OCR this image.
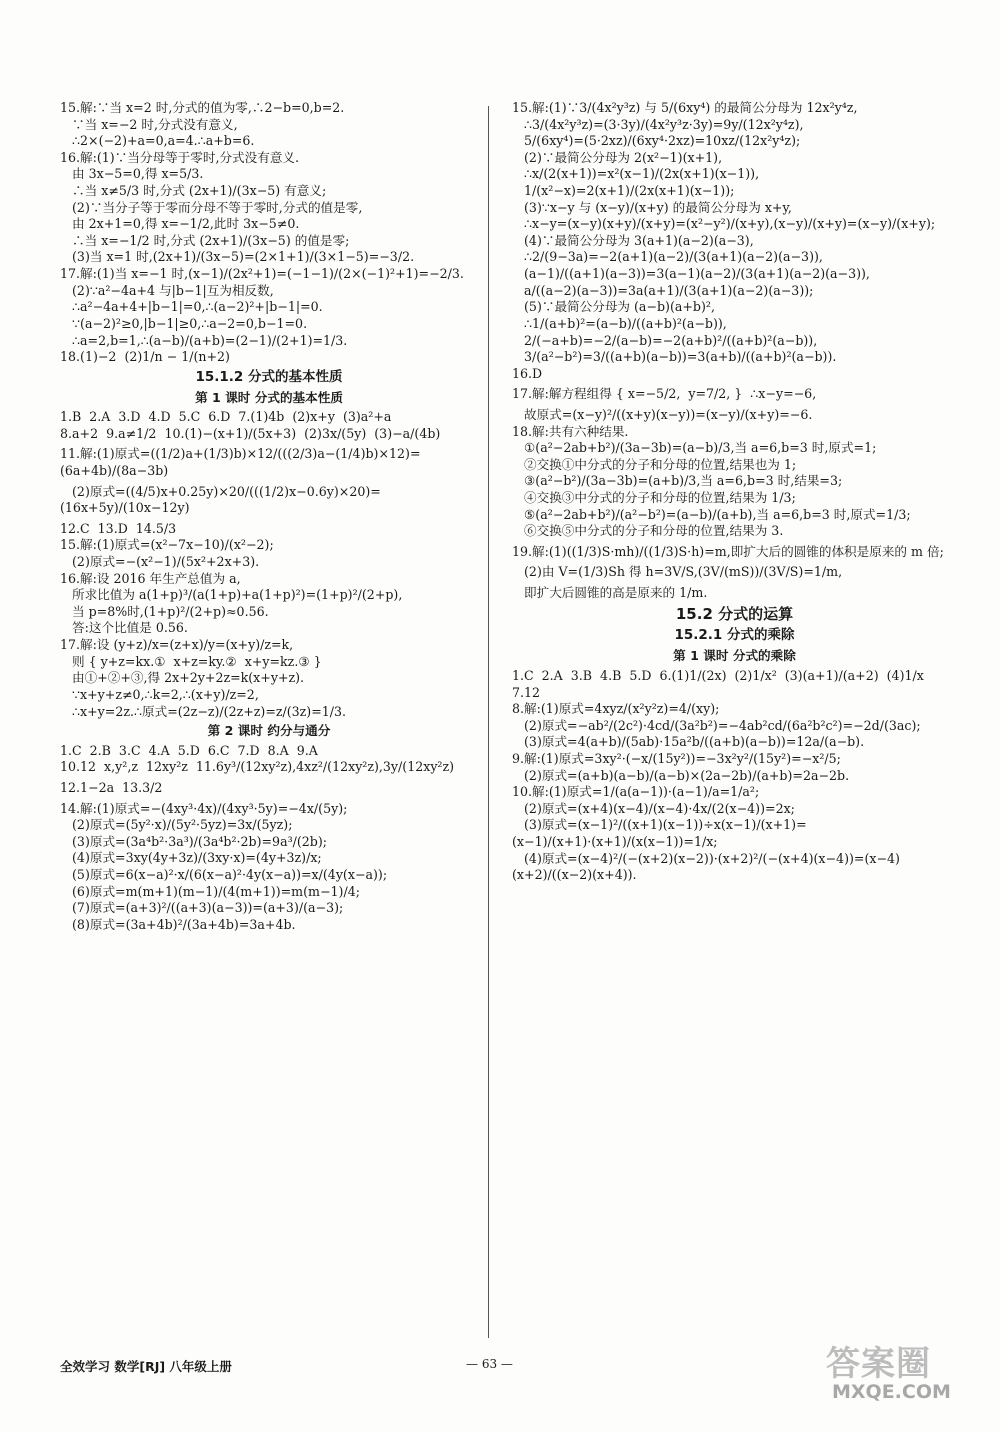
15.解:∵当 x=2 时,分式的值为零,∴2−b=0,b=2.
∵当 x=−2 时,分式没有意义,
∴2×(−2)+a=0,a=4.∴a+b=6.
16.解:(1)∵当分母等于零时,分式没有意义.
由 3x−5=0,得 x=5/3.
∴当 x≠5/3 时,分式 (2x+1)/(3x−5) 有意义;
(2)∵当分子等于零而分母不等于零时,分式的值是零,
由 2x+1=0,得 x=−1/2,此时 3x−5≠0.
∴当 x=−1/2 时,分式 (2x+1)/(3x−5) 的值是零;
(3)当 x=1 时,(2x+1)/(3x−5)=(2×1+1)/(3×1−5)=−3/2.
17.解:(1)当 x=−1 时,(x−1)/(2x²+1)=(−1−1)/(2×(−1)²+1)=−2/3.
(2)∵a²−4a+4 与|b−1|互为相反数,
∴a²−4a+4+|b−1|=0,∴(a−2)²+|b−1|=0.
∵(a−2)²≥0,|b−1|≥0,∴a−2=0,b−1=0.
∴a=2,b=1,∴(a−b)/(a+b)=(2−1)/(2+1)=1/3.
18.(1)−2  (2)1/n − 1/(n+2)
15.1.2 分式的基本性质
第 1 课时 分式的基本性质
1.B  2.A  3.D  4.D  5.C  6.D  7.(1)4b  (2)x+y  (3)a²+a
8.a+2  9.a≠1/2  10.(1)−(x+1)/(5x+3)  (2)3x/(5y)  (3)−a/(4b)
11.解:(1)原式=((1/2)a+(1/3)b)×12/(((2/3)a−(1/4)b)×12)=(6a+4b)/(8a−3b)
(2)原式=((4/5)x+0.25y)×20/(((1/2)x−0.6y)×20)=(16x+5y)/(10x−12y)
12.C  13.D  14.5/3
15.解:(1)原式=(x²−7x−10)/(x²−2);
(2)原式=−(x²−1)/(5x²+2x+3).
16.解:设 2016 年生产总值为 a,
所求比值为 a(1+p)³/(a(1+p)+a(1+p)²)=(1+p)²/(2+p),
当 p=8%时,(1+p)²/(2+p)≈0.56.
答:这个比值是 0.56.
17.解:设 (y+z)/x=(z+x)/y=(x+y)/z=k,
则 { y+z=kx.①  x+z=ky.②  x+y=kz.③ }
由①+②+③,得 2x+2y+2z=k(x+y+z).
∵x+y+z≠0,∴k=2,∴(x+y)/z=2,
∴x+y=2z.∴原式=(2z−z)/(2z+z)=z/(3z)=1/3.
第 2 课时 约分与通分
1.C  2.B  3.C  4.A  5.D  6.C  7.D  8.A  9.A
10.12  x,y²,z  12xy²z  11.6y³/(12xy²z),4xz²/(12xy²z),3y/(12xy²z)
12.1−2a  13.3/2
14.解:(1)原式=−(4xy³·4x)/(4xy³·5y)=−4x/(5y);
(2)原式=(5y²·x)/(5y²·5yz)=3x/(5yz);
(3)原式=(3a⁴b²·3a³)/(3a⁴b²·2b)=9a³/(2b);
(4)原式=3xy(4y+3z)/(3xy·x)=(4y+3z)/x;
(5)原式=6(x−a)²·x/(6(x−a)²·4y(x−a))=x/(4y(x−a));
(6)原式=m(m+1)(m−1)/(4(m+1))=m(m−1)/4;
(7)原式=(a+3)²/((a+3)(a−3))=(a+3)/(a−3);
(8)原式=(3a+4b)²/(3a+4b)=3a+4b.
15.解:(1)∵3/(4x²y³z) 与 5/(6xy⁴) 的最简公分母为 12x²y⁴z,
∴3/(4x²y³z)=(3·3y)/(4x²y³z·3y)=9y/(12x²y⁴z),
5/(6xy⁴)=(5·2xz)/(6xy⁴·2xz)=10xz/(12x²y⁴z);
(2)∵最简公分母为 2(x²−1)(x+1),
∴x/(2(x+1))=x²(x−1)/(2x(x+1)(x−1)),
1/(x²−x)=2(x+1)/(2x(x+1)(x−1));
(3)∵x−y 与 (x−y)/(x+y) 的最简公分母为 x+y,
∴x−y=(x−y)(x+y)/(x+y)=(x²−y²)/(x+y),(x−y)/(x+y)=(x−y)/(x+y);
(4)∵最简公分母为 3(a+1)(a−2)(a−3),
∴2/(9−3a)=−2(a+1)(a−2)/(3(a+1)(a−2)(a−3)),
(a−1)/((a+1)(a−3))=3(a−1)(a−2)/(3(a+1)(a−2)(a−3)),
a/((a−2)(a−3))=3a(a+1)/(3(a+1)(a−2)(a−3));
(5)∵最简公分母为 (a−b)(a+b)²,
∴1/(a+b)²=(a−b)/((a+b)²(a−b)),
2/(−a+b)=−2/(a−b)=−2(a+b)²/((a+b)²(a−b)),
3/(a²−b²)=3/((a+b)(a−b))=3(a+b)/((a+b)²(a−b)).
16.D
17.解:解方程组得 { x=−5/2,  y=7/2, }  ∴x−y=−6,
故原式=(x−y)²/((x+y)(x−y))=(x−y)/(x+y)=−6.
18.解:共有六种结果.
①(a²−2ab+b²)/(3a−3b)=(a−b)/3,当 a=6,b=3 时,原式=1;
②交换①中分式的分子和分母的位置,结果也为 1;
③(a²−b²)/(3a−3b)=(a+b)/3,当 a=6,b=3 时,结果=3;
④交换③中分式的分子和分母的位置,结果为 1/3;
⑤(a²−2ab+b²)/(a²−b²)=(a−b)/(a+b),当 a=6,b=3 时,原式=1/3;
⑥交换⑤中分式的分子和分母的位置,结果为 3.
19.解:(1)((1/3)S·mh)/((1/3)S·h)=m,即扩大后的圆锥的体积是原来的 m 倍;
(2)由 V=(1/3)Sh 得 h=3V/S,(3V/(mS))/(3V/S)=1/m,
即扩大后圆锥的高是原来的 1/m.
15.2 分式的运算
15.2.1 分式的乘除
第 1 课时 分式的乘除
1.C  2.A  3.B  4.B  5.D  6.(1)1/(2x)  (2)1/x²  (3)(a+1)/(a+2)  (4)1/x
7.12
8.解:(1)原式=4xyz/(x²y²z)=4/(xy);
(2)原式=−ab²/(2c²)·4cd/(3a²b²)=−4ab²cd/(6a²b²c²)=−2d/(3ac);
(3)原式=4(a+b)/(5ab)·15a²b/((a+b)(a−b))=12a/(a−b).
9.解:(1)原式=3xy²·(−x/(15y²))=−3x²y²/(15y²)=−x²/5;
(2)原式=(a+b)(a−b)/(a−b)×(2a−2b)/(a+b)=2a−2b.
10.解:(1)原式=1/(a(a−1))·(a−1)/a=1/a²;
(2)原式=(x+4)(x−4)/(x−4)·4x/(2(x−4))=2x;
(3)原式=(x−1)²/((x+1)(x−1))÷x(x−1)/(x+1)=(x−1)/(x+1)·(x+1)/(x(x−1))=1/x;
(4)原式=(x−4)²/(−(x+2)(x−2))·(x+2)²/(−(x+4)(x−4))=(x−4)(x+2)/((x−2)(x+4)).
全效学习 数学[RJ] 八年级上册	— 63 —	答案圈
MXQE.COM
